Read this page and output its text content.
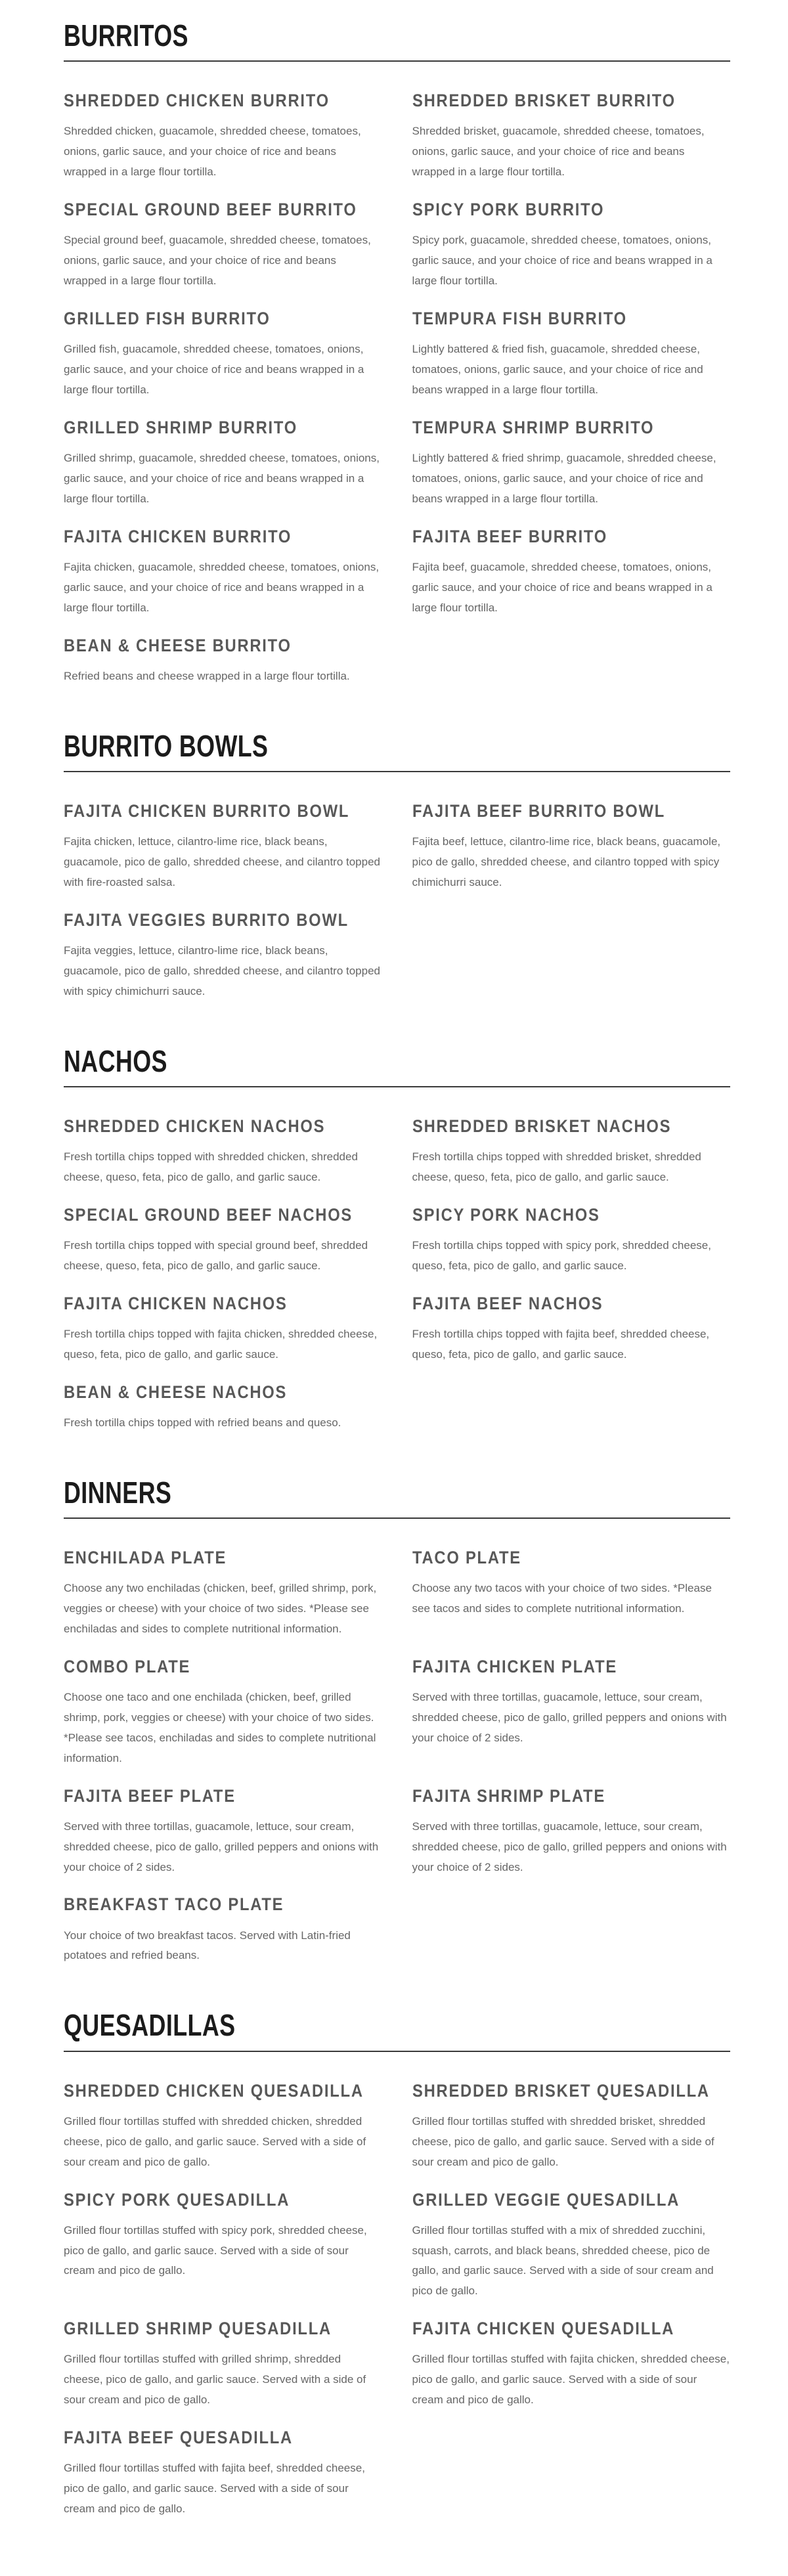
BURRITOS
SHREDDED CHICKEN BURRITO

Shredded chicken, guacamole, shredded cheese, tomatoes, onions, garlic sauce, and your choice of rice and beans wrapped in a large flour tortilla.

SHREDDED BRISKET BURRITO

Shredded brisket, guacamole, shredded cheese, tomatoes, onions, garlic sauce, and your choice of rice and beans wrapped in a large flour tortilla.

SPECIAL GROUND BEEF BURRITO

Special ground beef, guacamole, shredded cheese, tomatoes, onions, garlic sauce, and your choice of rice and beans wrapped in a large flour tortilla.

SPICY PORK BURRITO

Spicy pork, guacamole, shredded cheese, tomatoes, onions, garlic sauce, and your choice of rice and beans wrapped in a large flour tortilla.

GRILLED FISH BURRITO

Grilled fish, guacamole, shredded cheese, tomatoes, onions, garlic sauce, and your choice of rice and beans wrapped in a large flour tortilla.

TEMPURA FISH BURRITO

Lightly battered & fried fish, guacamole, shredded cheese, tomatoes, onions, garlic sauce, and your choice of rice and beans wrapped in a large flour tortilla.

GRILLED SHRIMP BURRITO

Grilled shrimp, guacamole, shredded cheese, tomatoes, onions, garlic sauce, and your choice of rice and beans wrapped in a large flour tortilla.

TEMPURA SHRIMP BURRITO

Lightly battered & fried shrimp, guacamole, shredded cheese, tomatoes, onions, garlic sauce, and your choice of rice and beans wrapped in a large flour tortilla.

FAJITA CHICKEN BURRITO

Fajita chicken, guacamole, shredded cheese, tomatoes, onions, garlic sauce, and your choice of rice and beans wrapped in a large flour tortilla.

FAJITA BEEF BURRITO

Fajita beef, guacamole, shredded cheese, tomatoes, onions, garlic sauce, and your choice of rice and beans wrapped in a large flour tortilla.

BEAN & CHEESE BURRITO

Refried beans and cheese wrapped in a large flour tortilla.

BURRITO BOWLS
FAJITA CHICKEN BURRITO BOWL

Fajita chicken, lettuce, cilantro-lime rice, black beans, guacamole, pico de gallo, shredded cheese, and cilantro topped with fire-roasted salsa.

FAJITA BEEF BURRITO BOWL

Fajita beef, lettuce, cilantro-lime rice, black beans, guacamole, pico de gallo, shredded cheese, and cilantro topped with spicy chimichurri sauce.

FAJITA VEGGIES BURRITO BOWL

Fajita veggies, lettuce, cilantro-lime rice, black beans, guacamole, pico de gallo, shredded cheese, and cilantro topped with spicy chimichurri sauce.

NACHOS
SHREDDED CHICKEN NACHOS

Fresh tortilla chips topped with shredded chicken, shredded cheese, queso, feta, pico de gallo, and garlic sauce.

SHREDDED BRISKET NACHOS

Fresh tortilla chips topped with shredded brisket, shredded cheese, queso, feta, pico de gallo, and garlic sauce.

SPECIAL GROUND BEEF NACHOS

Fresh tortilla chips topped with special ground beef, shredded cheese, queso, feta, pico de gallo, and garlic sauce.

SPICY PORK NACHOS

Fresh tortilla chips topped with spicy pork, shredded cheese, queso, feta, pico de gallo, and garlic sauce.

FAJITA CHICKEN NACHOS

Fresh tortilla chips topped with fajita chicken, shredded cheese, queso, feta, pico de gallo, and garlic sauce.

FAJITA BEEF NACHOS

Fresh tortilla chips topped with fajita beef, shredded cheese, queso, feta, pico de gallo, and garlic sauce.

BEAN & CHEESE NACHOS

Fresh tortilla chips topped with refried beans and queso.

DINNERS
ENCHILADA PLATE

Choose any two enchiladas (chicken, beef, grilled shrimp, pork, veggies or cheese) with your choice of two sides. *Please see enchiladas and sides to complete nutritional information.

TACO PLATE

Choose any two tacos with your choice of two sides. *Please see tacos and sides to complete nutritional information.

COMBO PLATE

Choose one taco and one enchilada (chicken, beef, grilled shrimp, pork, veggies or cheese) with your choice of two sides. *Please see tacos, enchiladas and sides to complete nutritional information.

FAJITA CHICKEN PLATE

Served with three tortillas, guacamole, lettuce, sour cream, shredded cheese, pico de gallo, grilled peppers and onions with your choice of 2 sides.

FAJITA BEEF PLATE

Served with three tortillas, guacamole, lettuce, sour cream, shredded cheese, pico de gallo, grilled peppers and onions with your choice of 2 sides.

FAJITA SHRIMP PLATE

Served with three tortillas, guacamole, lettuce, sour cream, shredded cheese, pico de gallo, grilled peppers and onions with your choice of 2 sides.

BREAKFAST TACO PLATE

Your choice of two breakfast tacos. Served with Latin-fried potatoes and refried beans.

QUESADILLAS
SHREDDED CHICKEN QUESADILLA

Grilled flour tortillas stuffed with shredded chicken, shredded cheese, pico de gallo, and garlic sauce. Served with a side of sour cream and pico de gallo.

SHREDDED BRISKET QUESADILLA

Grilled flour tortillas stuffed with shredded brisket, shredded cheese, pico de gallo, and garlic sauce. Served with a side of sour cream and pico de gallo.

SPICY PORK QUESADILLA

Grilled flour tortillas stuffed with spicy pork, shredded cheese, pico de gallo, and garlic sauce. Served with a side of sour cream and pico de gallo.

GRILLED VEGGIE QUESADILLA

Grilled flour tortillas stuffed with a mix of shredded zucchini, squash, carrots, and black beans, shredded cheese, pico de gallo, and garlic sauce. Served with a side of sour cream and pico de gallo.

GRILLED SHRIMP QUESADILLA

Grilled flour tortillas stuffed with grilled shrimp, shredded cheese, pico de gallo, and garlic sauce. Served with a side of sour cream and pico de gallo.

FAJITA CHICKEN QUESADILLA

Grilled flour tortillas stuffed with fajita chicken, shredded cheese, pico de gallo, and garlic sauce. Served with a side of sour cream and pico de gallo.

FAJITA BEEF QUESADILLA

Grilled flour tortillas stuffed with fajita beef, shredded cheese, pico de gallo, and garlic sauce. Served with a side of sour cream and pico de gallo.
